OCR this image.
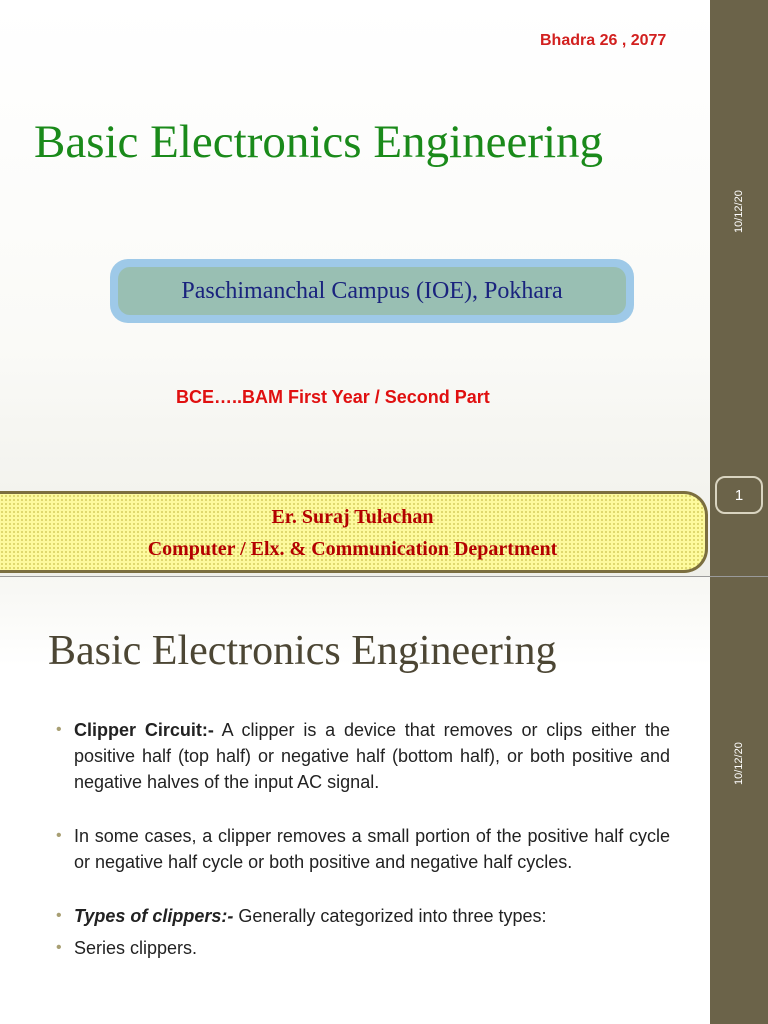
10/12/20
1
Bhadra 26 , 2077
Basic Electronics Engineering
Paschimanchal Campus (IOE), Pokhara
BCE…..BAM First Year / Second Part
Er. Suraj Tulachan
Computer / Elx. & Communication Department
10/12/20
Basic Electronics Engineering
• Clipper Circuit:- A clipper is a device that removes or clips either the positive half (top half) or negative half (bottom half), or both positive and negative halves of the input AC signal.
• In some cases, a clipper removes a small portion of the positive half cycle or negative half cycle or both positive and negative half cycles.
• Types of clippers:- Generally categorized into three types:
• Series clippers.
